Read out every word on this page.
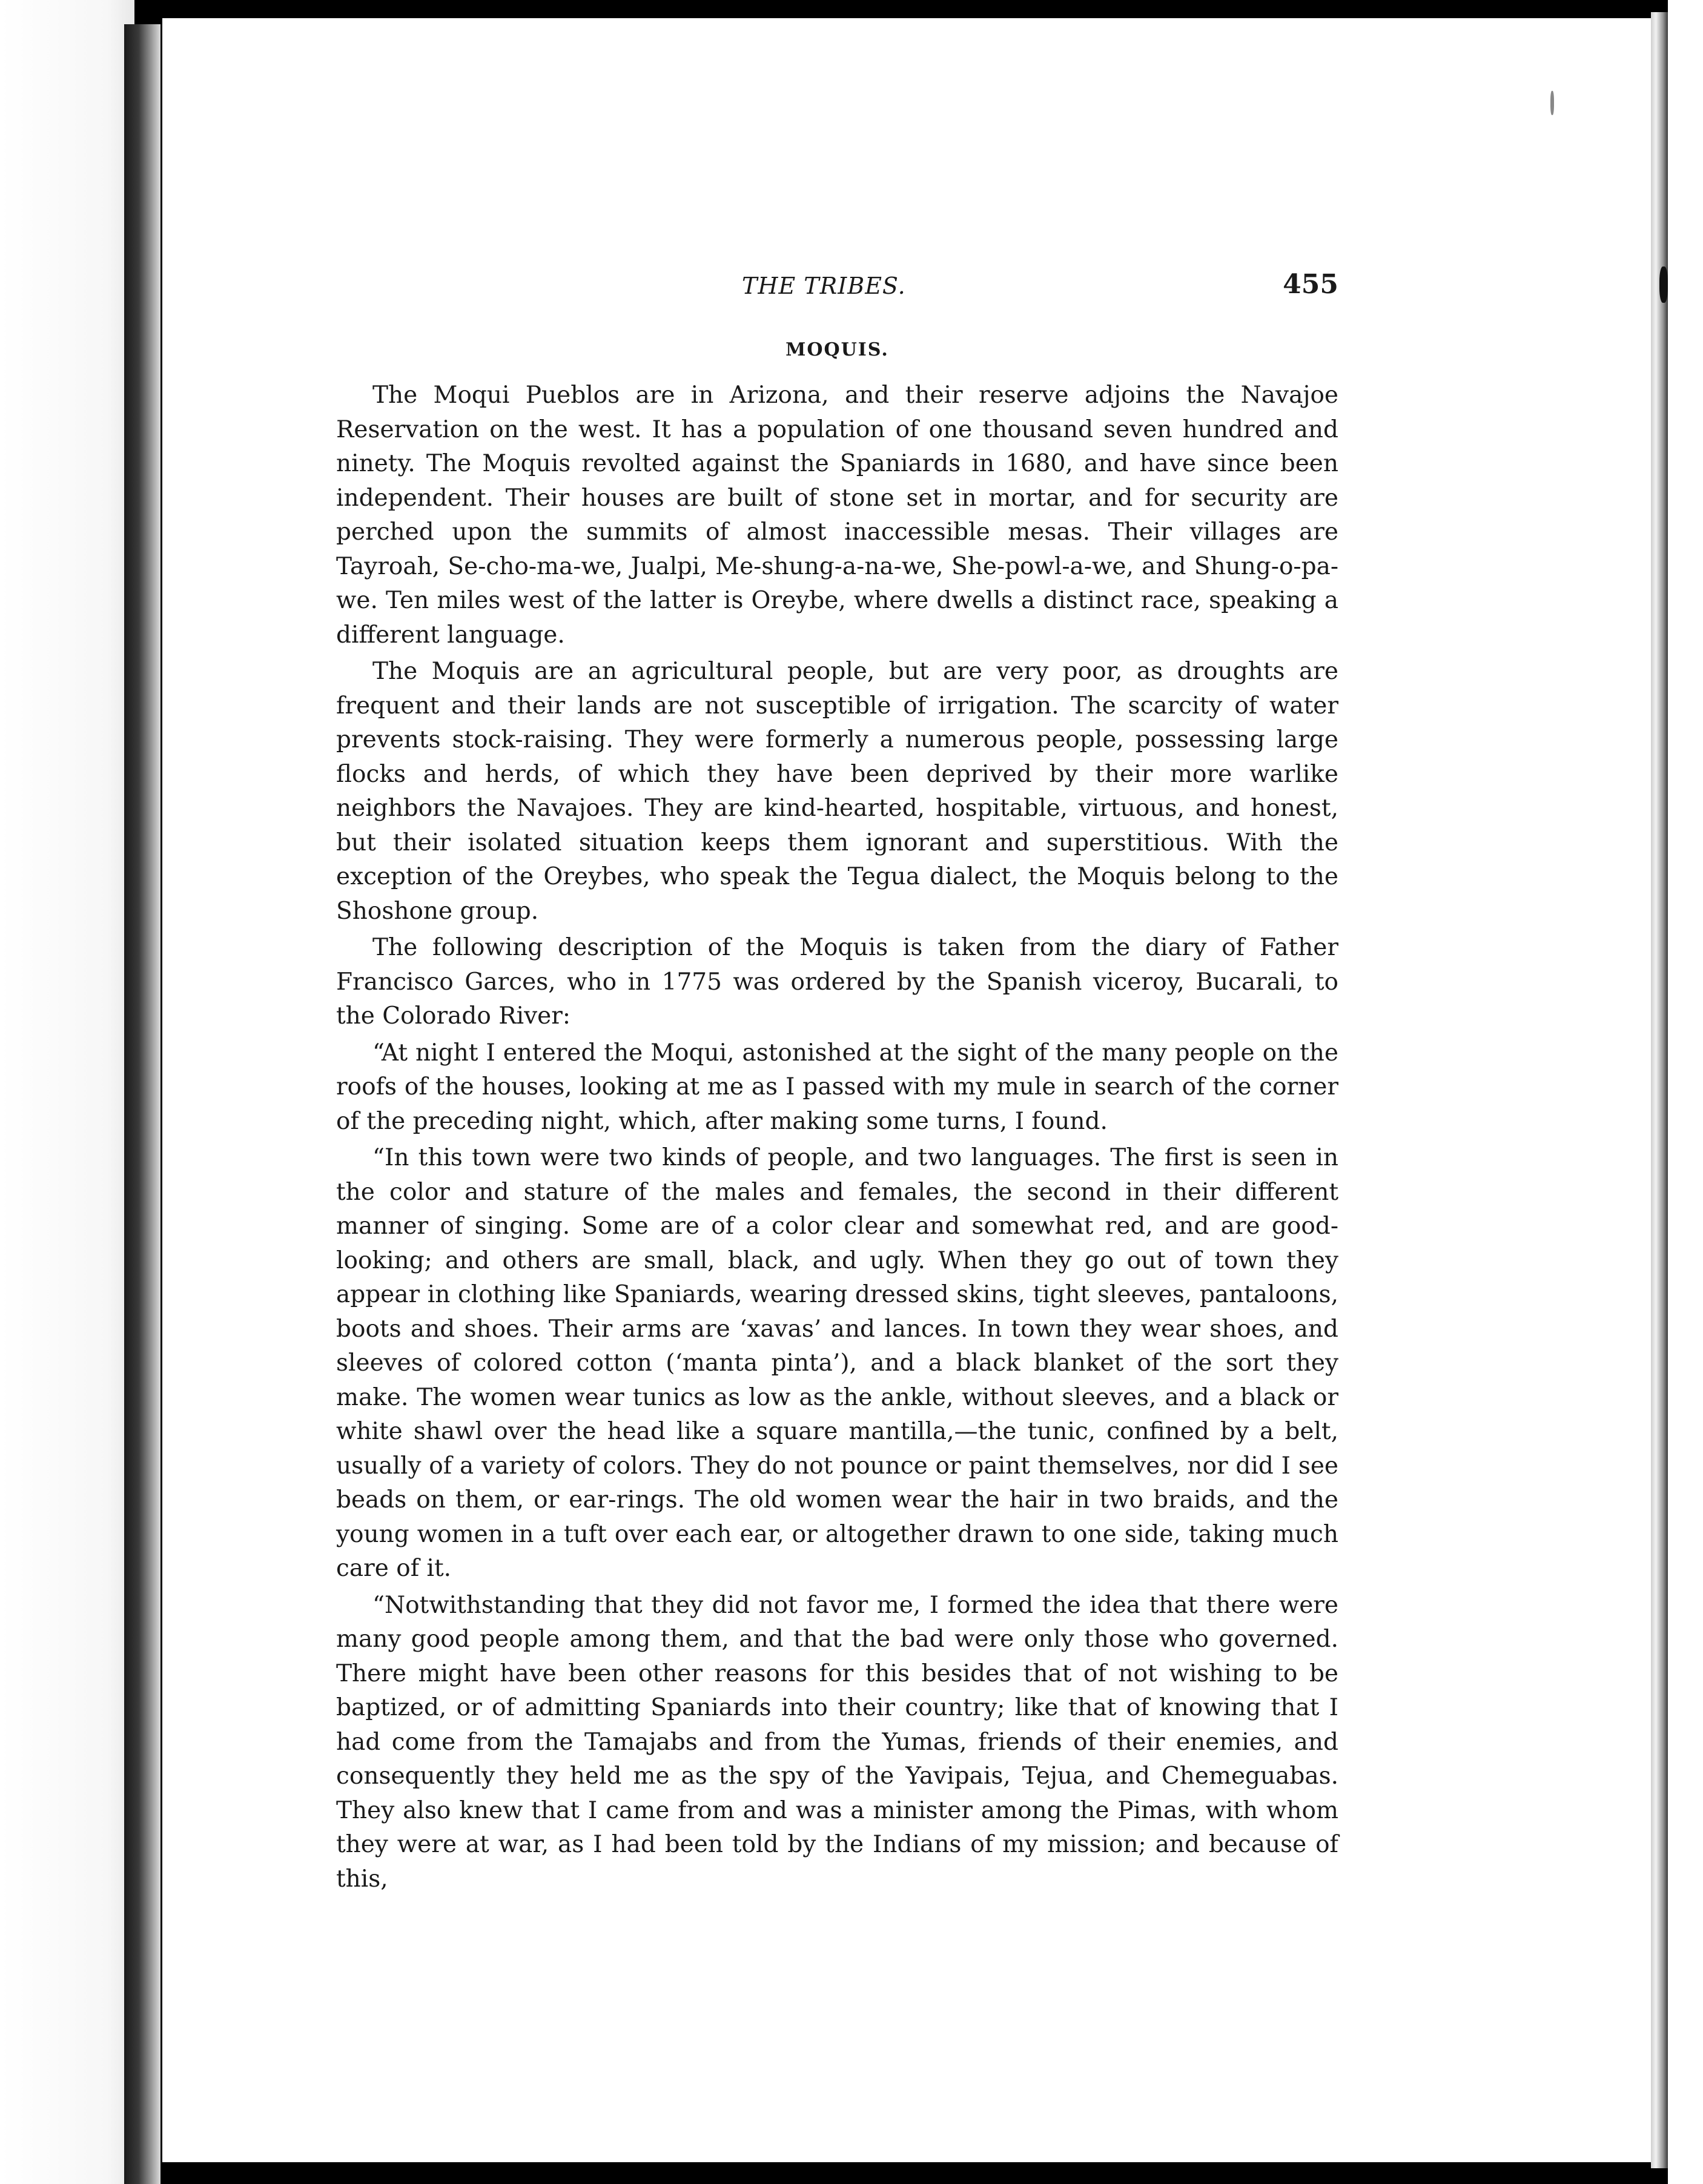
THE TRIBES.	455
MOQUIS.

The Moqui Pueblos are in Arizona, and their reserve adjoins the Navajoe Reservation on the west. It has a population of one thousand seven hundred and ninety. The Moquis revolted against the Spaniards in 1680, and have since been independent. Their houses are built of stone set in mortar, and for security are perched upon the summits of almost inaccessible mesas. Their villages are Tayroah, Se-cho-ma-we, Jualpi, Me-shung-a-na-we, She-powl-a-we, and Shung-o-pa-we. Ten miles west of the latter is Oreybe, where dwells a distinct race, speaking a different language.

The Moquis are an agricultural people, but are very poor, as droughts are frequent and their lands are not susceptible of irrigation. The scarcity of water prevents stock-raising. They were formerly a numerous people, possessing large flocks and herds, of which they have been deprived by their more warlike neighbors the Navajoes. They are kind-hearted, hospitable, virtuous, and honest, but their isolated situation keeps them ignorant and superstitious. With the exception of the Oreybes, who speak the Tegua dialect, the Moquis belong to the Shoshone group.

The following description of the Moquis is taken from the diary of Father Francisco Garces, who in 1775 was ordered by the Spanish viceroy, Bucarali, to the Colorado River:

“At night I entered the Moqui, astonished at the sight of the many people on the roofs of the houses, looking at me as I passed with my mule in search of the corner of the preceding night, which, after making some turns, I found.

“In this town were two kinds of people, and two languages. The first is seen in the color and stature of the males and females, the second in their different manner of singing. Some are of a color clear and somewhat red, and are good-looking; and others are small, black, and ugly. When they go out of town they appear in clothing like Spaniards, wearing dressed skins, tight sleeves, pantaloons, boots and shoes. Their arms are ‘xavas’ and lances. In town they wear shoes, and sleeves of colored cotton (‘manta pinta’), and a black blanket of the sort they make. The women wear tunics as low as the ankle, without sleeves, and a black or white shawl over the head like a square mantilla,—the tunic, confined by a belt, usually of a variety of colors. They do not pounce or paint themselves, nor did I see beads on them, or ear-rings. The old women wear the hair in two braids, and the young women in a tuft over each ear, or altogether drawn to one side, taking much care of it.

“Notwithstanding that they did not favor me, I formed the idea that there were many good people among them, and that the bad were only those who governed. There might have been other reasons for this besides that of not wishing to be baptized, or of admitting Spaniards into their country; like that of knowing that I had come from the Tamajabs and from the Yumas, friends of their enemies, and consequently they held me as the spy of the Yavipais, Tejua, and Chemeguabas. They also knew that I came from and was a minister among the Pimas, with whom they were at war, as I had been told by the Indians of my mission; and because of this,
